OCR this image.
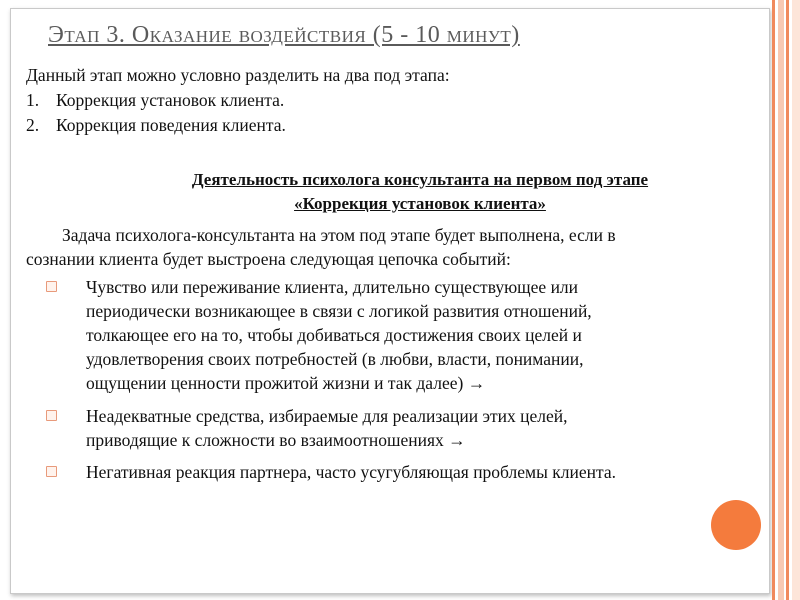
Этап 3. Оказание воздействия (5 - 10 минут)
Данный этап можно условно разделить на два под этапа:
1. Коррекция установок клиента.
2. Коррекция поведения клиента.
Деятельность психолога консультанта на первом под этапе
«Коррекция установок клиента»
Задача психолога-консультанта на этом под этапе будет выполнена, если в
сознании клиента будет выстроена следующая цепочка событий:
Чувство или переживание клиента, длительно существующее или
периодически возникающее в связи с логикой развития отношений,
толкающее его на то, чтобы добиваться достижения своих целей и
удовлетворения своих потребностей (в любви, власти, понимании,
ощущении ценности прожитой жизни и так далее) →
Неадекватные средства, избираемые для реализации этих целей,
приводящие к сложности во взаимоотношениях →
Негативная реакция партнера, часто усугубляющая проблемы клиента.
